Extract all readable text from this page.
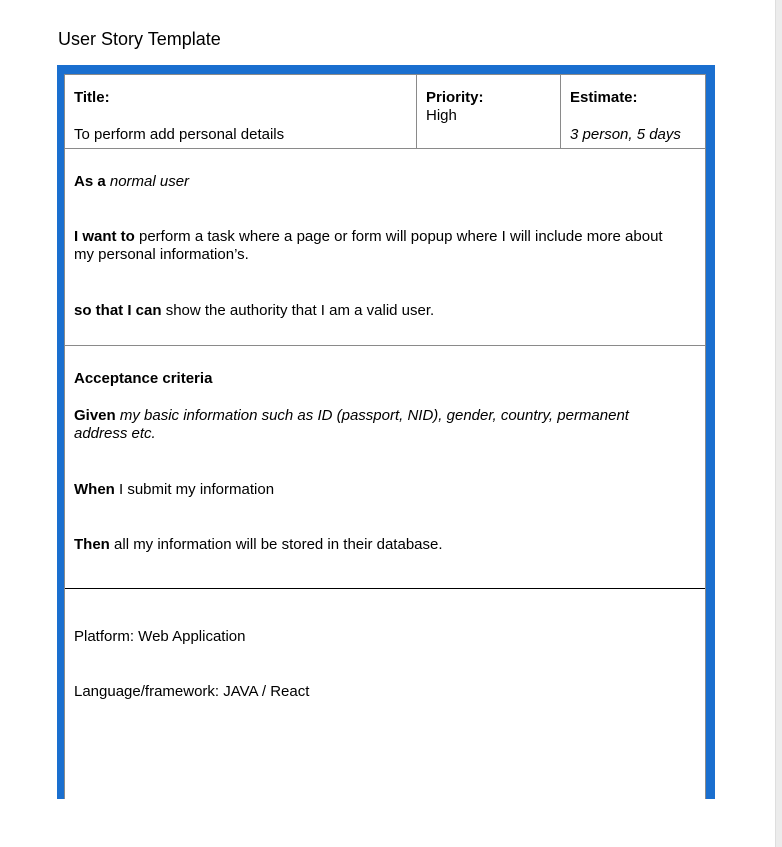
User Story Template
Title:
To perform add personal details
Priority:
High
Estimate:
3 person, 5 days
As a normal user
I want to perform a task where a page or form will popup where I will include more about my personal information’s.
so that I can show the authority that I am a valid user.
Acceptance criteria
Given my basic information such as ID (passport, NID), gender, country, permanent address etc.
When I submit my information
Then all my information will be stored in their database.
Platform: Web Application
Language/framework: JAVA / React
